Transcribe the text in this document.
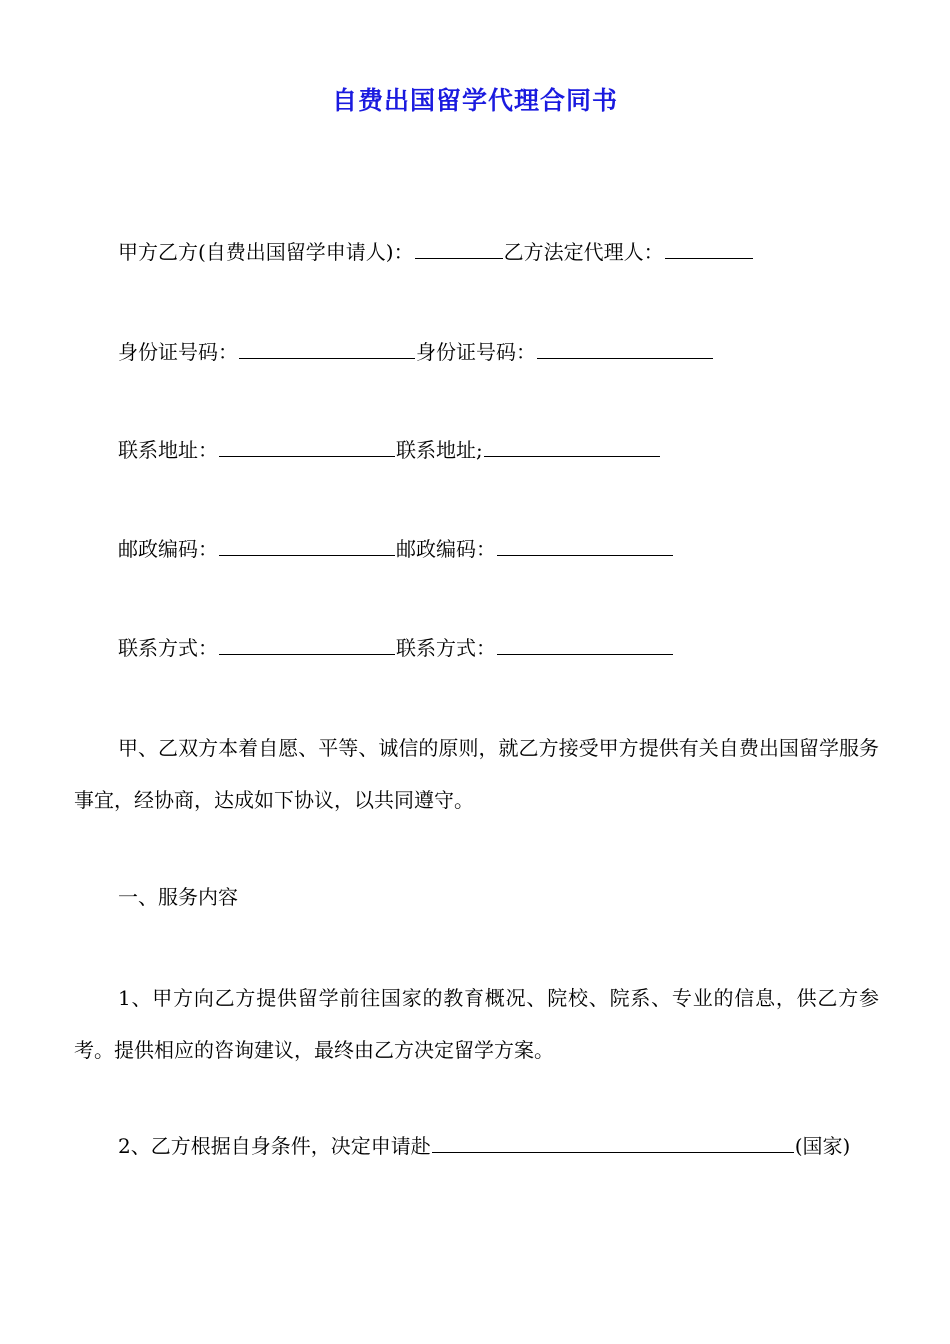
自费出国留学代理合同书
甲方乙方(自费出国留学申请人)：	乙方法定代理人：
身份证号码：	身份证号码：
联系地址：	联系地址;
邮政编码：	邮政编码：
联系方式：	联系方式：
甲、乙双方本着自愿、平等、诚信的原则，就乙方接受甲方提供有关自费出国留学服务事宜，经协商，达成如下协议，以共同遵守。
一、服务内容
1、甲方向乙方提供留学前往国家的教育概况、院校、院系、专业的信息，供乙方参考。提供相应的咨询建议，最终由乙方决定留学方案。
2、乙方根据自身条件，决定申请赴	(国家)
